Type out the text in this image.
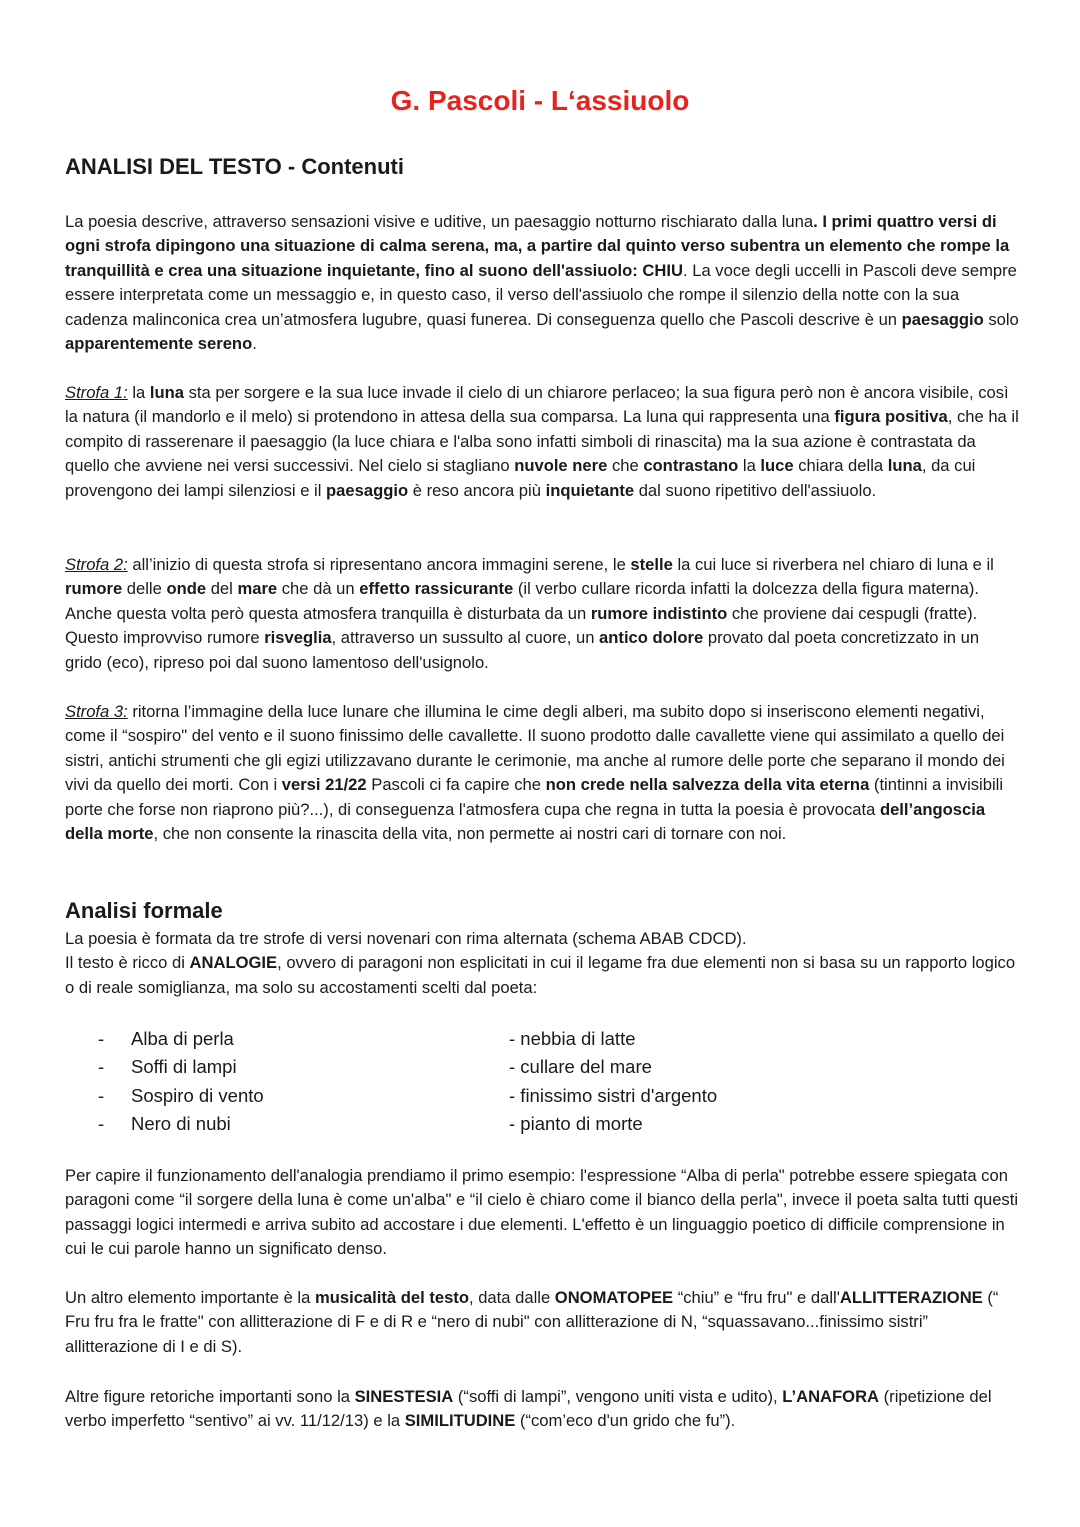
G. Pascoli - L‘assiuolo
ANALISI DEL TESTO - Contenuti

La poesia descrive, attraverso sensazioni visive e uditive, un paesaggio notturno rischiarato dalla luna. I primi quattro versi di ogni strofa dipingono una situazione di calma serena, ma, a partire dal quinto verso subentra un elemento che rompe la tranquillità e crea una situazione inquietante, fino al suono dell'assiuolo: CHIU. La voce degli uccelli in Pascoli deve sempre essere interpretata come un messaggio e, in questo caso, il verso dell'assiuolo che rompe il silenzio della notte con la sua cadenza malinconica crea un’atmosfera lugubre, quasi funerea. Di conseguenza quello che Pascoli descrive è un paesaggio solo apparentemente sereno.

Strofa 1: la luna sta per sorgere e la sua luce invade il cielo di un chiarore perlaceo; la sua figura però non è ancora visibile, così la natura (il mandorlo e il melo) si protendono in attesa della sua comparsa. La luna qui rappresenta una figura positiva, che ha il compito di rasserenare il paesaggio (la luce chiara e l'alba sono infatti simboli di rinascita) ma la sua azione è contrastata da quello che avviene nei versi successivi. Nel cielo si stagliano nuvole nere che contrastano la luce chiara della luna, da cui provengono dei lampi silenziosi e il paesaggio è reso ancora più inquietante dal suono ripetitivo dell'assiuolo.

Strofa 2: all’inizio di questa strofa si ripresentano ancora immagini serene, le stelle la cui luce si riverbera nel chiaro di luna e il rumore delle onde del mare che dà un effetto rassicurante (il verbo cullare ricorda infatti la dolcezza della figura materna). Anche questa volta però questa atmosfera tranquilla è disturbata da un rumore indistinto che proviene dai cespugli (fratte). Questo improvviso rumore risveglia, attraverso un sussulto al cuore, un antico dolore provato dal poeta concretizzato in un grido (eco), ripreso poi dal suono lamentoso dell'usignolo.

Strofa 3: ritorna l’immagine della luce lunare che illumina le cime degli alberi, ma subito dopo si inseriscono elementi negativi, come il “sospiro" del vento e il suono finissimo delle cavallette. Il suono prodotto dalle cavallette viene qui assimilato a quello dei sistri, antichi strumenti che gli egizi utilizzavano durante le cerimonie, ma anche al rumore delle porte che separano il mondo dei vivi da quello dei morti. Con i versi 21/22 Pascoli ci fa capire che non crede nella salvezza della vita eterna (tintinni a invisibili porte che forse non riaprono più?...), di conseguenza l'atmosfera cupa che regna in tutta la poesia è provocata dell’angoscia della morte, che non consente la rinascita della vita, non permette ai nostri cari di tornare con noi.

Analisi formale

La poesia è formata da tre strofe di versi novenari con rima alternata (schema ABAB CDCD).
Il testo è ricco di ANALOGIE, ovvero di paragoni non esplicitati in cui il legame fra due elementi non si basa su un rapporto logico o di reale somiglianza, ma solo su accostamenti scelti dal poeta:

- Alba di perla
- Soffi di lampi
- Sospiro di vento
- Nero di nubi
- nebbia di latte
- cullare del mare
- finissimo sistri d'argento
- pianto di morte

Per capire il funzionamento dell'analogia prendiamo il primo esempio: l'espressione “Alba di perla" potrebbe essere spiegata con paragoni come “il sorgere della luna è come un'alba" e “il cielo è chiaro come il bianco della perla", invece il poeta salta tutti questi passaggi logici intermedi e arriva subito ad accostare i due elementi. L'effetto è un linguaggio poetico di difficile comprensione in cui le cui parole hanno un significato denso.

Un altro elemento importante è la musicalità del testo, data dalle ONOMATOPEE “chiu” e “fru fru" e dall'ALLITTERAZIONE (“ Fru fru fra le fratte" con allitterazione di F e di R e “nero di nubi" con allitterazione di N, “squassavano...finissimo sistri” allitterazione di I e di S).

Altre figure retoriche importanti sono la SINESTESIA (“soffi di lampi”, vengono uniti vista e udito), L’ANAFORA (ripetizione del verbo imperfetto “sentivo” ai vv. 11/12/13) e la SIMILITUDINE (“com’eco d'un grido che fu”).
